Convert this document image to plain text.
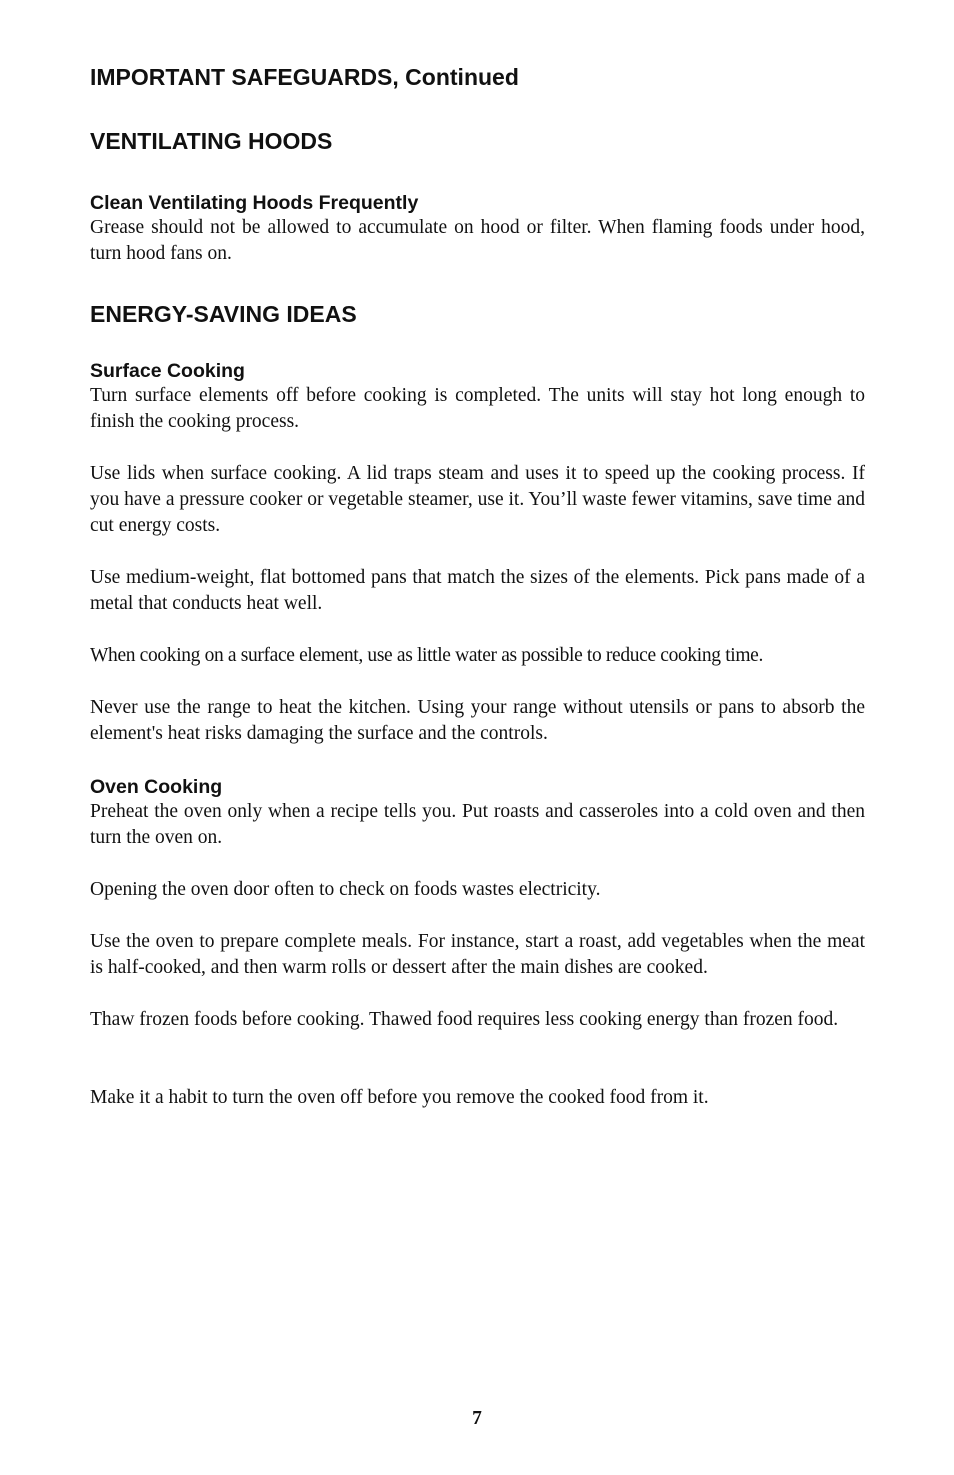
IMPORTANT SAFEGUARDS, Continued
VENTILATING HOODS
Clean Ventilating Hoods Frequently

Grease should not be allowed to accumulate on hood or filter. When flaming foods under hood, turn hood fans on.

ENERGY-SAVING IDEAS
Surface Cooking

Turn surface elements off before cooking is completed. The units will stay hot long enough to finish the cooking process.

Use lids when surface cooking. A lid traps steam and uses it to speed up the cooking process. If you have a pressure cooker or vegetable steamer, use it. You’ll waste fewer vitamins, save time and cut energy costs.

Use medium-weight, flat bottomed pans that match the sizes of the elements. Pick pans made of a metal that conducts heat well.

When cooking on a surface element, use as little water as possible to reduce cooking time.

Never use the range to heat the kitchen. Using your range without utensils or pans to absorb the element's heat risks damaging the surface and the controls.

Oven Cooking

Preheat the oven only when a recipe tells you. Put roasts and casseroles into a cold oven and then turn the oven on.

Opening the oven door often to check on foods wastes electricity.

Use the oven to prepare complete meals. For instance, start a roast, add vegetables when the meat is half-cooked, and then warm rolls or dessert after the main dishes are cooked.

Thaw frozen foods before cooking. Thawed food requires less cooking energy than frozen food.

Make it a habit to turn the oven off before you remove the cooked food from it.

7
